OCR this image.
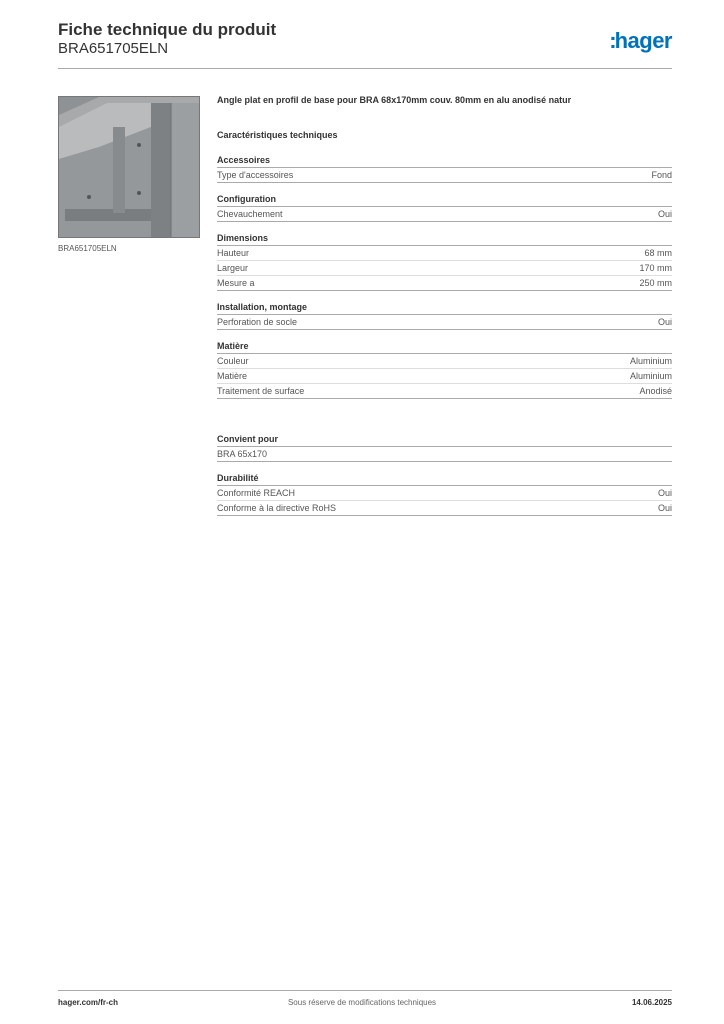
Fiche technique du produit
BRA651705ELN	:hager
BRA651705ELN

Angle plat en profil de base pour BRA 68x170mm couv. 80mm en alu anodisé natur

Caractéristiques techniques

Accessoires
Type d'accessoires	Fond
Configuration
Chevauchement	Oui
Dimensions
Hauteur	68 mm
Largeur	170 mm
Mesure a	250 mm
Installation, montage
Perforation de socle	Oui
Matière
Couleur	Aluminium
Matière	Aluminium
Traitement de surface	Anodisé
Convient pour
BRA 65x170
Durabilité
Conformité REACH	Oui
Conforme à la directive RoHS	Oui
hager.com/fr-ch	Sous réserve de modifications techniques	14.06.2025
